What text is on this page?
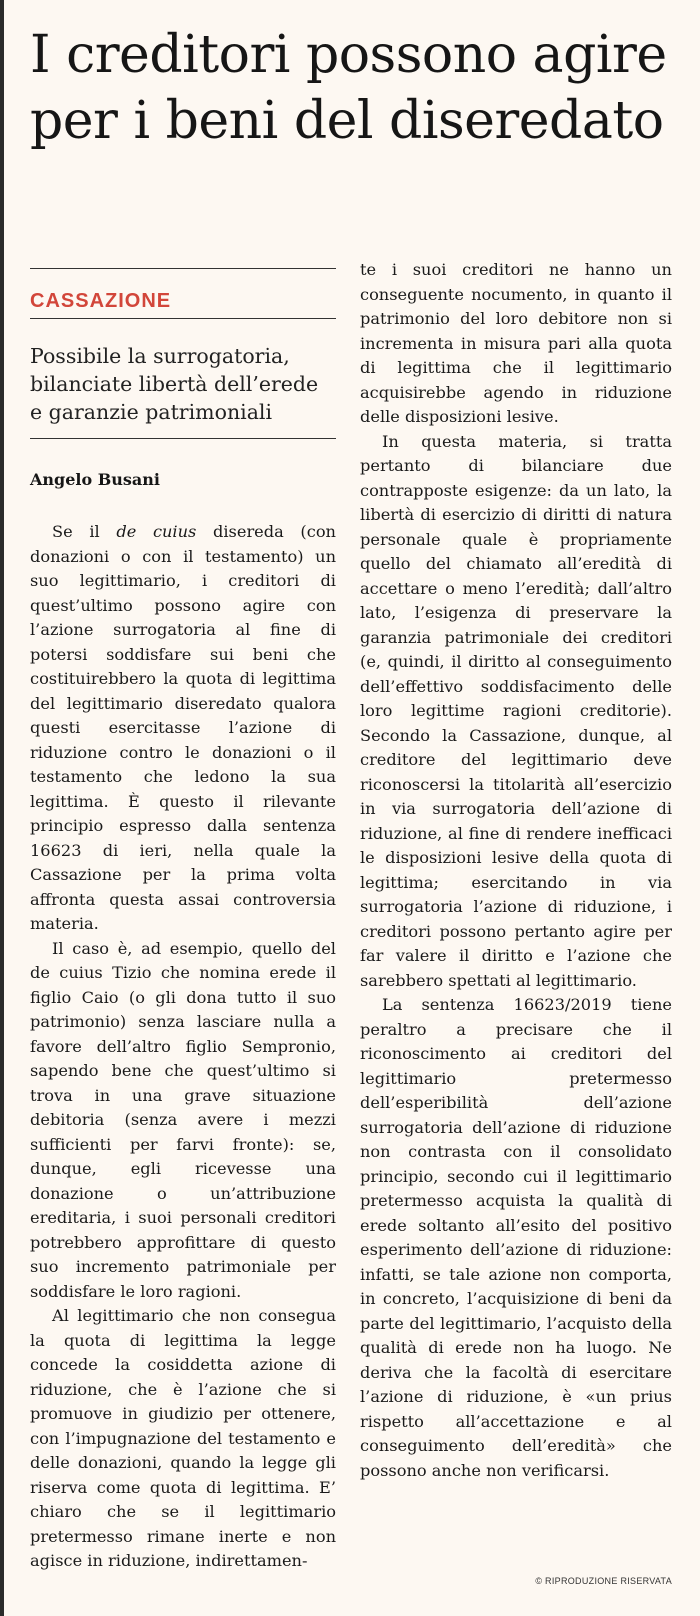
I creditori possono agire per i beni del diseredato
CASSAZIONE
Possibile la surrogatoria, bilanciate libertà dell’erede e garanzie patrimoniali
Angelo Busani

Se il de cuius disereda (con donazioni o con il testamento) un suo legittimario, i creditori di quest’ultimo possono agire con l’azione surrogatoria al fine di potersi soddisfare sui beni che costituirebbero la quota di legittima del legittimario diseredato qualora questi esercitasse l’azione di riduzione contro le donazioni o il testamento che ledono la sua legittima. È questo il rilevante principio espresso dalla sentenza 16623 di ieri, nella quale la Cassazione per la prima volta affronta questa assai controversia materia.

Il caso è, ad esempio, quello del de cuius Tizio che nomina erede il figlio Caio (o gli dona tutto il suo patrimonio) senza lasciare nulla a favore dell’altro figlio Sempronio, sapendo bene che quest’ultimo si trova in una grave situazione debitoria (senza avere i mezzi sufficienti per farvi fronte): se, dunque, egli ricevesse una donazione o un’attribuzione ereditaria, i suoi personali creditori potrebbero approfittare di questo suo incremento patrimoniale per soddisfare le loro ragioni.

Al legittimario che non consegua la quota di legittima la legge concede la cosiddetta azione di riduzione, che è l’azione che si promuove in giudizio per ottenere, con l’impugnazione del testamento e delle donazioni, quando la legge gli riserva come quota di legittima. E’ chiaro che se il legittimario pretermesso rimane inerte e non agisce in riduzione, indirettamen-

te i suoi creditori ne hanno un conseguente nocumento, in quanto il patrimonio del loro debitore non si incrementa in misura pari alla quota di legittima che il legittimario acquisirebbe agendo in riduzione delle disposizioni lesive.

In questa materia, si tratta pertanto di bilanciare due contrapposte esigenze: da un lato, la libertà di esercizio di diritti di natura personale quale è propriamente quello del chiamato all’eredità di accettare o meno l’eredità; dall’altro lato, l’esigenza di preservare la garanzia patrimoniale dei creditori (e, quindi, il diritto al conseguimento dell’effettivo soddisfacimento delle loro legittime ragioni creditorie). Secondo la Cassazione, dunque, al creditore del legittimario deve riconoscersi la titolarità all’esercizio in via surrogatoria dell’azione di riduzione, al fine di rendere inefficaci le disposizioni lesive della quota di legittima; esercitando in via surrogatoria l’azione di riduzione, i creditori possono pertanto agire per far valere il diritto e l’azione che sarebbero spettati al legittimario.

La sentenza 16623/2019 tiene peraltro a precisare che il riconoscimento ai creditori del legittimario pretermesso dell’esperibilità dell’azione surrogatoria dell’azione di riduzione non contrasta con il consolidato principio, secondo cui il legittimario pretermesso acquista la qualità di erede soltanto all’esito del positivo esperimento dell’azione di riduzione: infatti, se tale azione non comporta, in concreto, l’acquisizione di beni da parte del legittimario, l’acquisto della qualità di erede non ha luogo. Ne deriva che la facoltà di esercitare l’azione di riduzione, è «un prius rispetto all’accettazione e al conseguimento dell’eredità» che possono anche non verificarsi.

© RIPRODUZIONE RISERVATA
